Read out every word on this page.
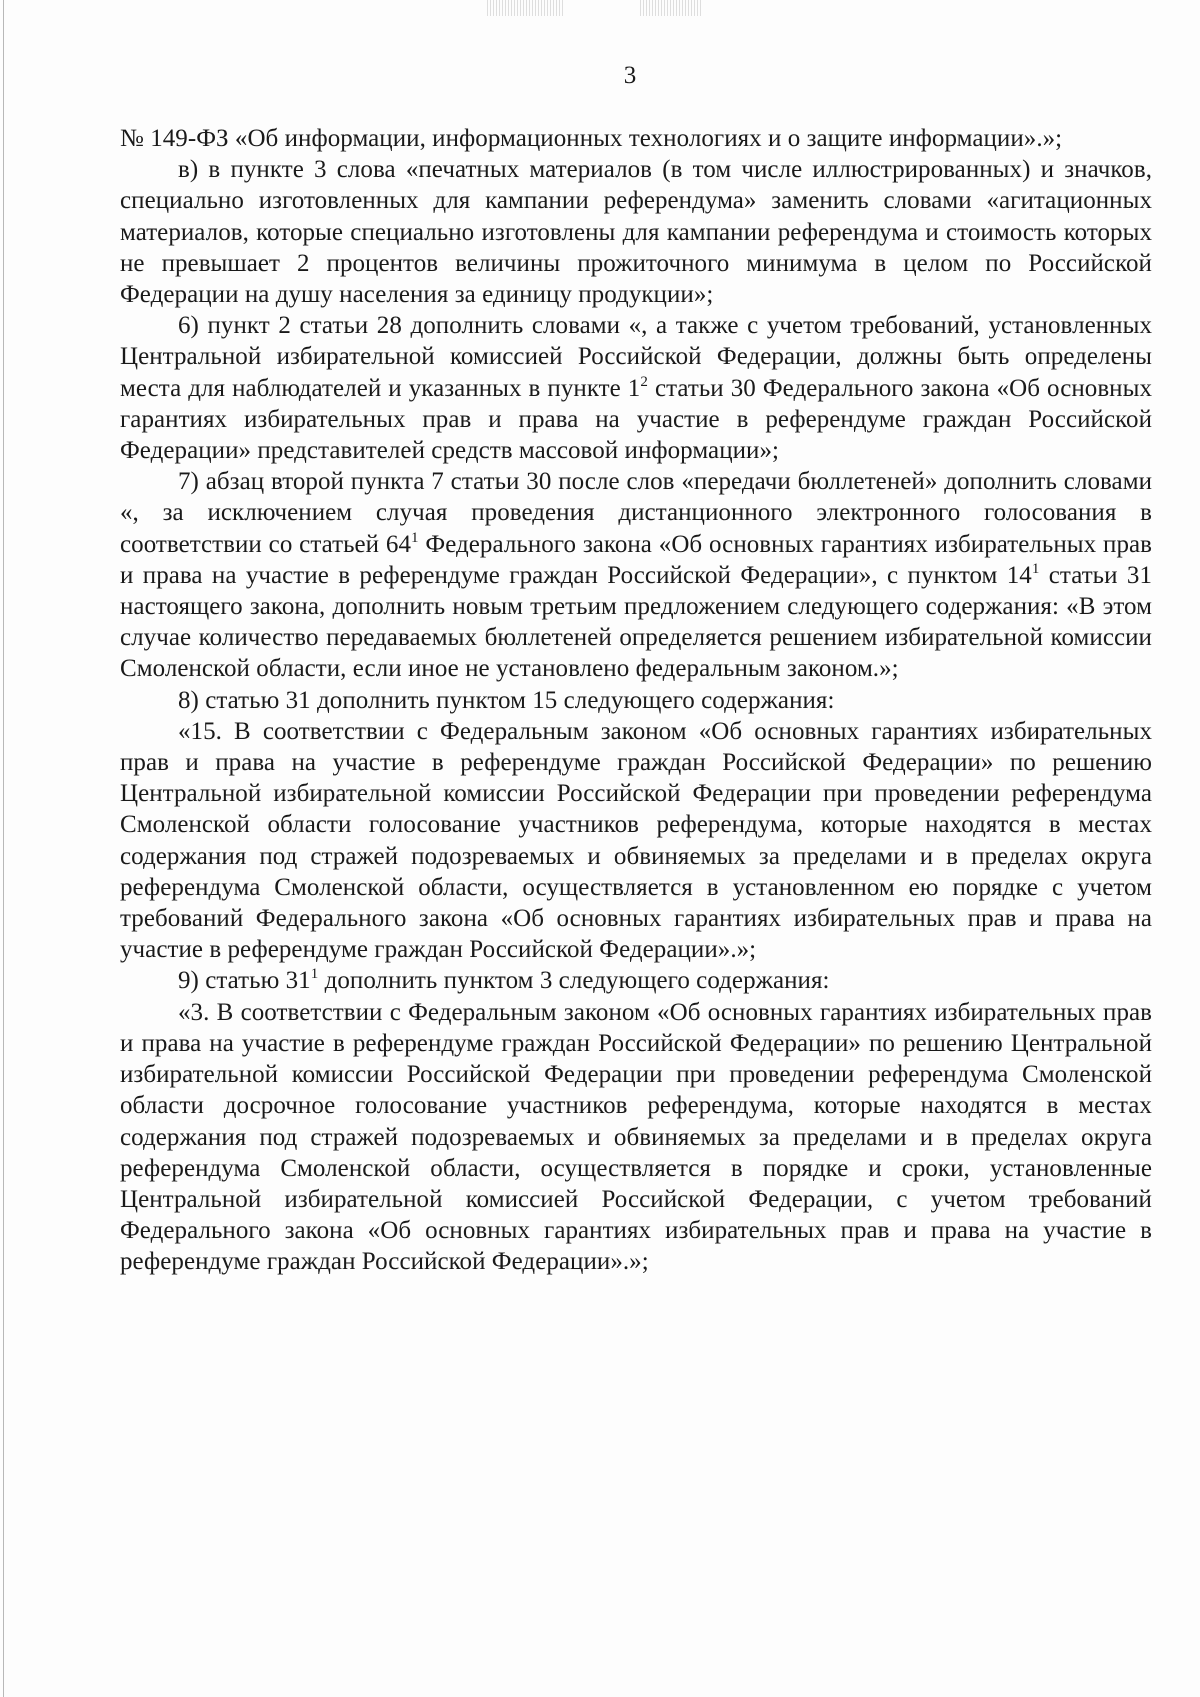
3

№ 149-ФЗ «Об информации, информационных технологиях и о защите информации».»;

в) в пункте 3 слова «печатных материалов (в том числе иллюстрированных) и значков, специально изготовленных для кампании референдума» заменить словами «агитационных материалов, которые специально изготовлены для кампании референдума и стоимость которых не превышает 2 процентов величины прожиточного минимума в целом по Российской Федерации на душу населения за единицу продукции»;

6) пункт 2 статьи 28 дополнить словами «, а также с учетом требований, установленных Центральной избирательной комиссией Российской Федерации, должны быть определены места для наблюдателей и указанных в пункте $1^2$ статьи 30 Федерального закона «Об основных гарантиях избирательных прав и права на участие в референдуме граждан Российской Федерации» представителей средств массовой информации»;

7) абзац второй пункта 7 статьи 30 после слов «передачи бюллетеней» дополнить словами «, за исключением случая проведения дистанционного электронного голосования в соответствии со статьей $64^1$ Федерального закона «Об основных гарантиях избирательных прав и права на участие в референдуме граждан Российской Федерации», с пунктом $14^1$ статьи 31 настоящего закона, дополнить новым третьим предложением следующего содержания: «В этом случае количество передаваемых бюллетеней определяется решением избирательной комиссии Смоленской области, если иное не установлено федеральным законом.»;

8) статью 31 дополнить пунктом 15 следующего содержания:

«15. В соответствии с Федеральным законом «Об основных гарантиях избирательных прав и права на участие в референдуме граждан Российской Федерации» по решению Центральной избирательной комиссии Российской Федерации при проведении референдума Смоленской области голосование участников референдума, которые находятся в местах содержания под стражей подозреваемых и обвиняемых за пределами и в пределах округа референдума Смоленской области, осуществляется в установленном ею порядке с учетом требований Федерального закона «Об основных гарантиях избирательных прав и права на участие в референдуме граждан Российской Федерации».»;

9) статью $31^1$ дополнить пунктом 3 следующего содержания:

«3. В соответствии с Федеральным законом «Об основных гарантиях избирательных прав и права на участие в референдуме граждан Российской Федерации» по решению Центральной избирательной комиссии Российской Федерации при проведении референдума Смоленской области досрочное голосование участников референдума, которые находятся в местах содержания под стражей подозреваемых и обвиняемых за пределами и в пределах округа референдума Смоленской области, осуществляется в порядке и сроки, установленные Центральной избирательной комиссией Российской Федерации, с учетом требований Федерального закона «Об основных гарантиях избирательных прав и права на участие в референдуме граждан Российской Федерации».»;
